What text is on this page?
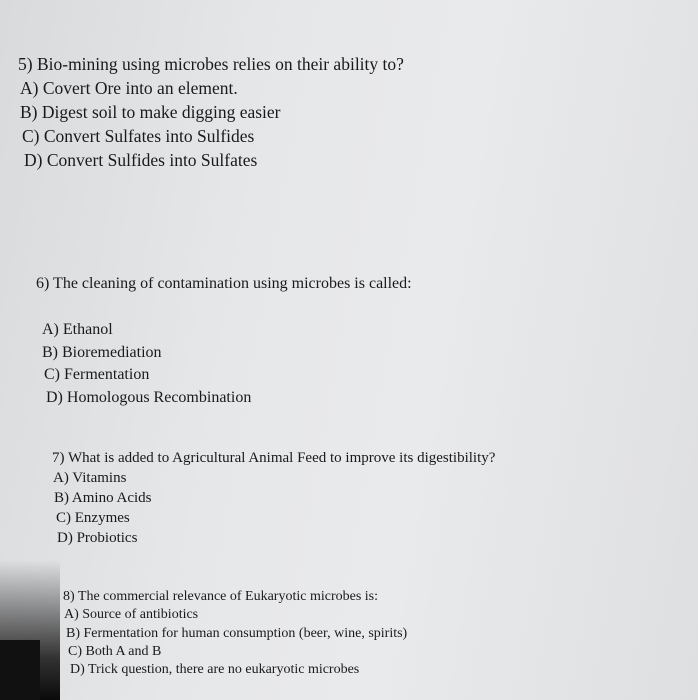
5) Bio-mining using microbes relies on their ability to?
A) Covert Ore into an element.
B) Digest soil to make digging easier
C) Convert Sulfates into Sulfides
D) Convert Sulfides into Sulfates
6) The cleaning of contamination using microbes is called:
A) Ethanol
B) Bioremediation
C) Fermentation
D) Homologous Recombination
7) What is added to Agricultural Animal Feed to improve its digestibility?
A) Vitamins
B) Amino Acids
C) Enzymes
D) Probiotics
8) The commercial relevance of Eukaryotic microbes is:
A) Source of antibiotics
B) Fermentation for human consumption (beer, wine, spirits)
C) Both A and B
D) Trick question, there are no eukaryotic microbes
